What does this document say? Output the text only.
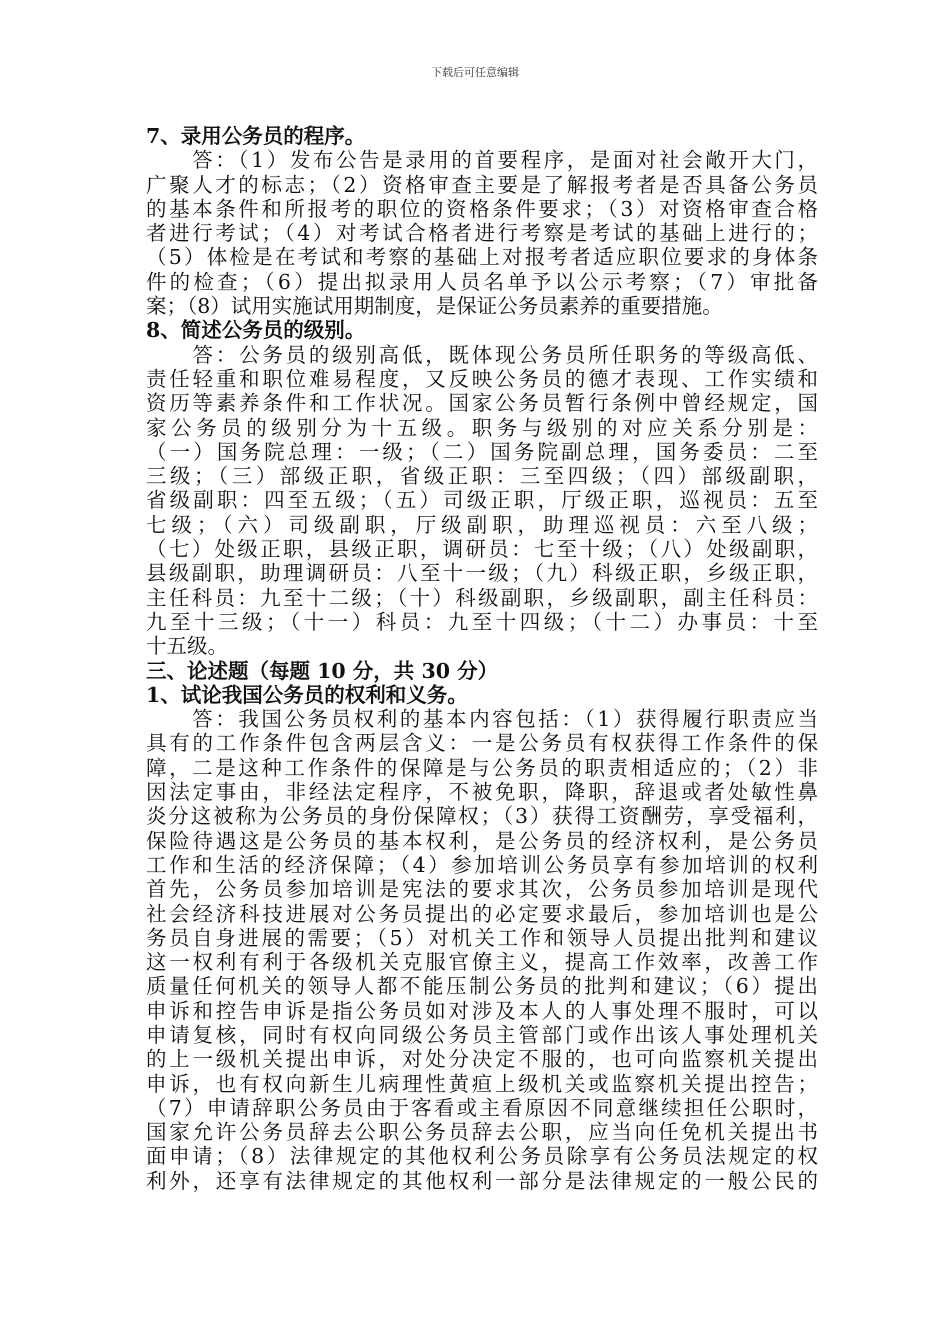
下载后可任意编辑
7、录用公务员的程序。
　　答：（1）发布公告是录用的首要程序，是面对社会敞开大门，
广聚人才的标志；（2）资格审查主要是了解报考者是否具备公务员
的基本条件和所报考的职位的资格条件要求；（3）对资格审查合格
者进行考试；（4）对考试合格者进行考察是考试的基础上进行的；
（5）体检是在考试和考察的基础上对报考者适应职位要求的身体条
件的检查；（6）提出拟录用人员名单予以公示考察；（7）审批备
案；（8）试用实施试用期制度，是保证公务员素养的重要措施。
8、简述公务员的级别。
　　答：公务员的级别高低，既体现公务员所任职务的等级高低、
责任轻重和职位难易程度，又反映公务员的德才表现、工作实绩和
资历等素养条件和工作状况。国家公务员暂行条例中曾经规定，国
家公务员的级别分为十五级。职务与级别的对应关系分别是：
（一）国务院总理：一级；（二）国务院副总理，国务委员：二至
三级；（三）部级正职，省级正职：三至四级；（四）部级副职，
省级副职：四至五级；（五）司级正职，厅级正职，巡视员：五至
七级；（六）司级副职，厅级副职，助理巡视员：六至八级；
（七）处级正职，县级正职，调研员：七至十级；（八）处级副职，
县级副职，助理调研员：八至十一级；（九）科级正职，乡级正职，
主任科员：九至十二级；（十）科级副职，乡级副职，副主任科员：
九至十三级；（十一）科员：九至十四级；（十二）办事员：十至
十五级。
三、论述题（每题 10 分，共 30 分）
1、试论我国公务员的权利和义务。
　　答：我国公务员权利的基本内容包括：（1）获得履行职责应当
具有的工作条件包含两层含义：一是公务员有权获得工作条件的保
障，二是这种工作条件的保障是与公务员的职责相适应的；（2）非
因法定事由，非经法定程序，不被免职，降职，辞退或者处敏性鼻
炎分这被称为公务员的身份保障权；（3）获得工资酬劳，享受福利，
保险待遇这是公务员的基本权利，是公务员的经济权利，是公务员
工作和生活的经济保障；（4）参加培训公务员享有参加培训的权利
首先，公务员参加培训是宪法的要求其次，公务员参加培训是现代
社会经济科技进展对公务员提出的必定要求最后，参加培训也是公
务员自身进展的需要；（5）对机关工作和领导人员提出批判和建议
这一权利有利于各级机关克服官僚主义，提高工作效率，改善工作
质量任何机关的领导人都不能压制公务员的批判和建议；（6）提出
申诉和控告申诉是指公务员如对涉及本人的人事处理不服时，可以
申请复核，同时有权向同级公务员主管部门或作出该人事处理机关
的上一级机关提出申诉，对处分决定不服的，也可向监察机关提出
申诉，也有权向新生儿病理性黄疸上级机关或监察机关提出控告；
（7）申请辞职公务员由于客看或主看原因不同意继续担任公职时，
国家允许公务员辞去公职公务员辞去公职，应当向任免机关提出书
面申请；（8）法律规定的其他权利公务员除享有公务员法规定的权
利外，还享有法律规定的其他权利一部分是法律规定的一般公民的
